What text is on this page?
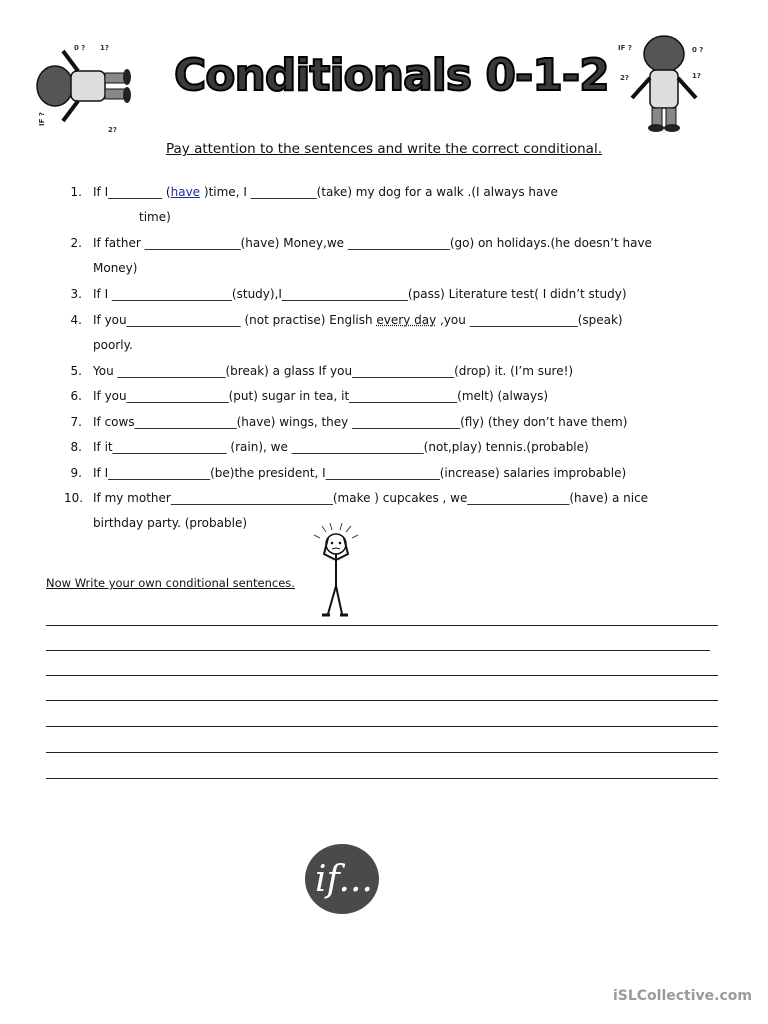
0 ? 1?
IF ?
2?
Conditionals 0-1-2
IF ?	0 ?
2?	1?
Pay attention to the sentences and write the correct conditional.
1. If I_________ (have )time, I ___________(take) my dog for a walk .(I always have
time)
2. If father ________________(have) Money,we _________________(go) on holidays.(he doesn’t have
Money)
3. If I ____________________(study),I_____________________(pass) Literature test( I didn’t study)
4. If you___________________ (not practise) English every day ,you __________________(speak)
poorly.
5. You __________________(break) a glass If you_________________(drop) it. (I’m sure!)
6. If you_________________(put) sugar in tea, it__________________(melt) (always)
7. If cows_________________(have) wings, they __________________(fly) (they don’t have them)
8. If it___________________ (rain), we ______________________(not,play) tennis.(probable)
9. If I_________________(be)the president, I___________________(increase) salaries improbable)
10. If my mother___________________________(make ) cupcakes , we_________________(have) a nice
birthday party. (probable)
Now Write your own conditional sentences.
if...
iSLCollective.com
